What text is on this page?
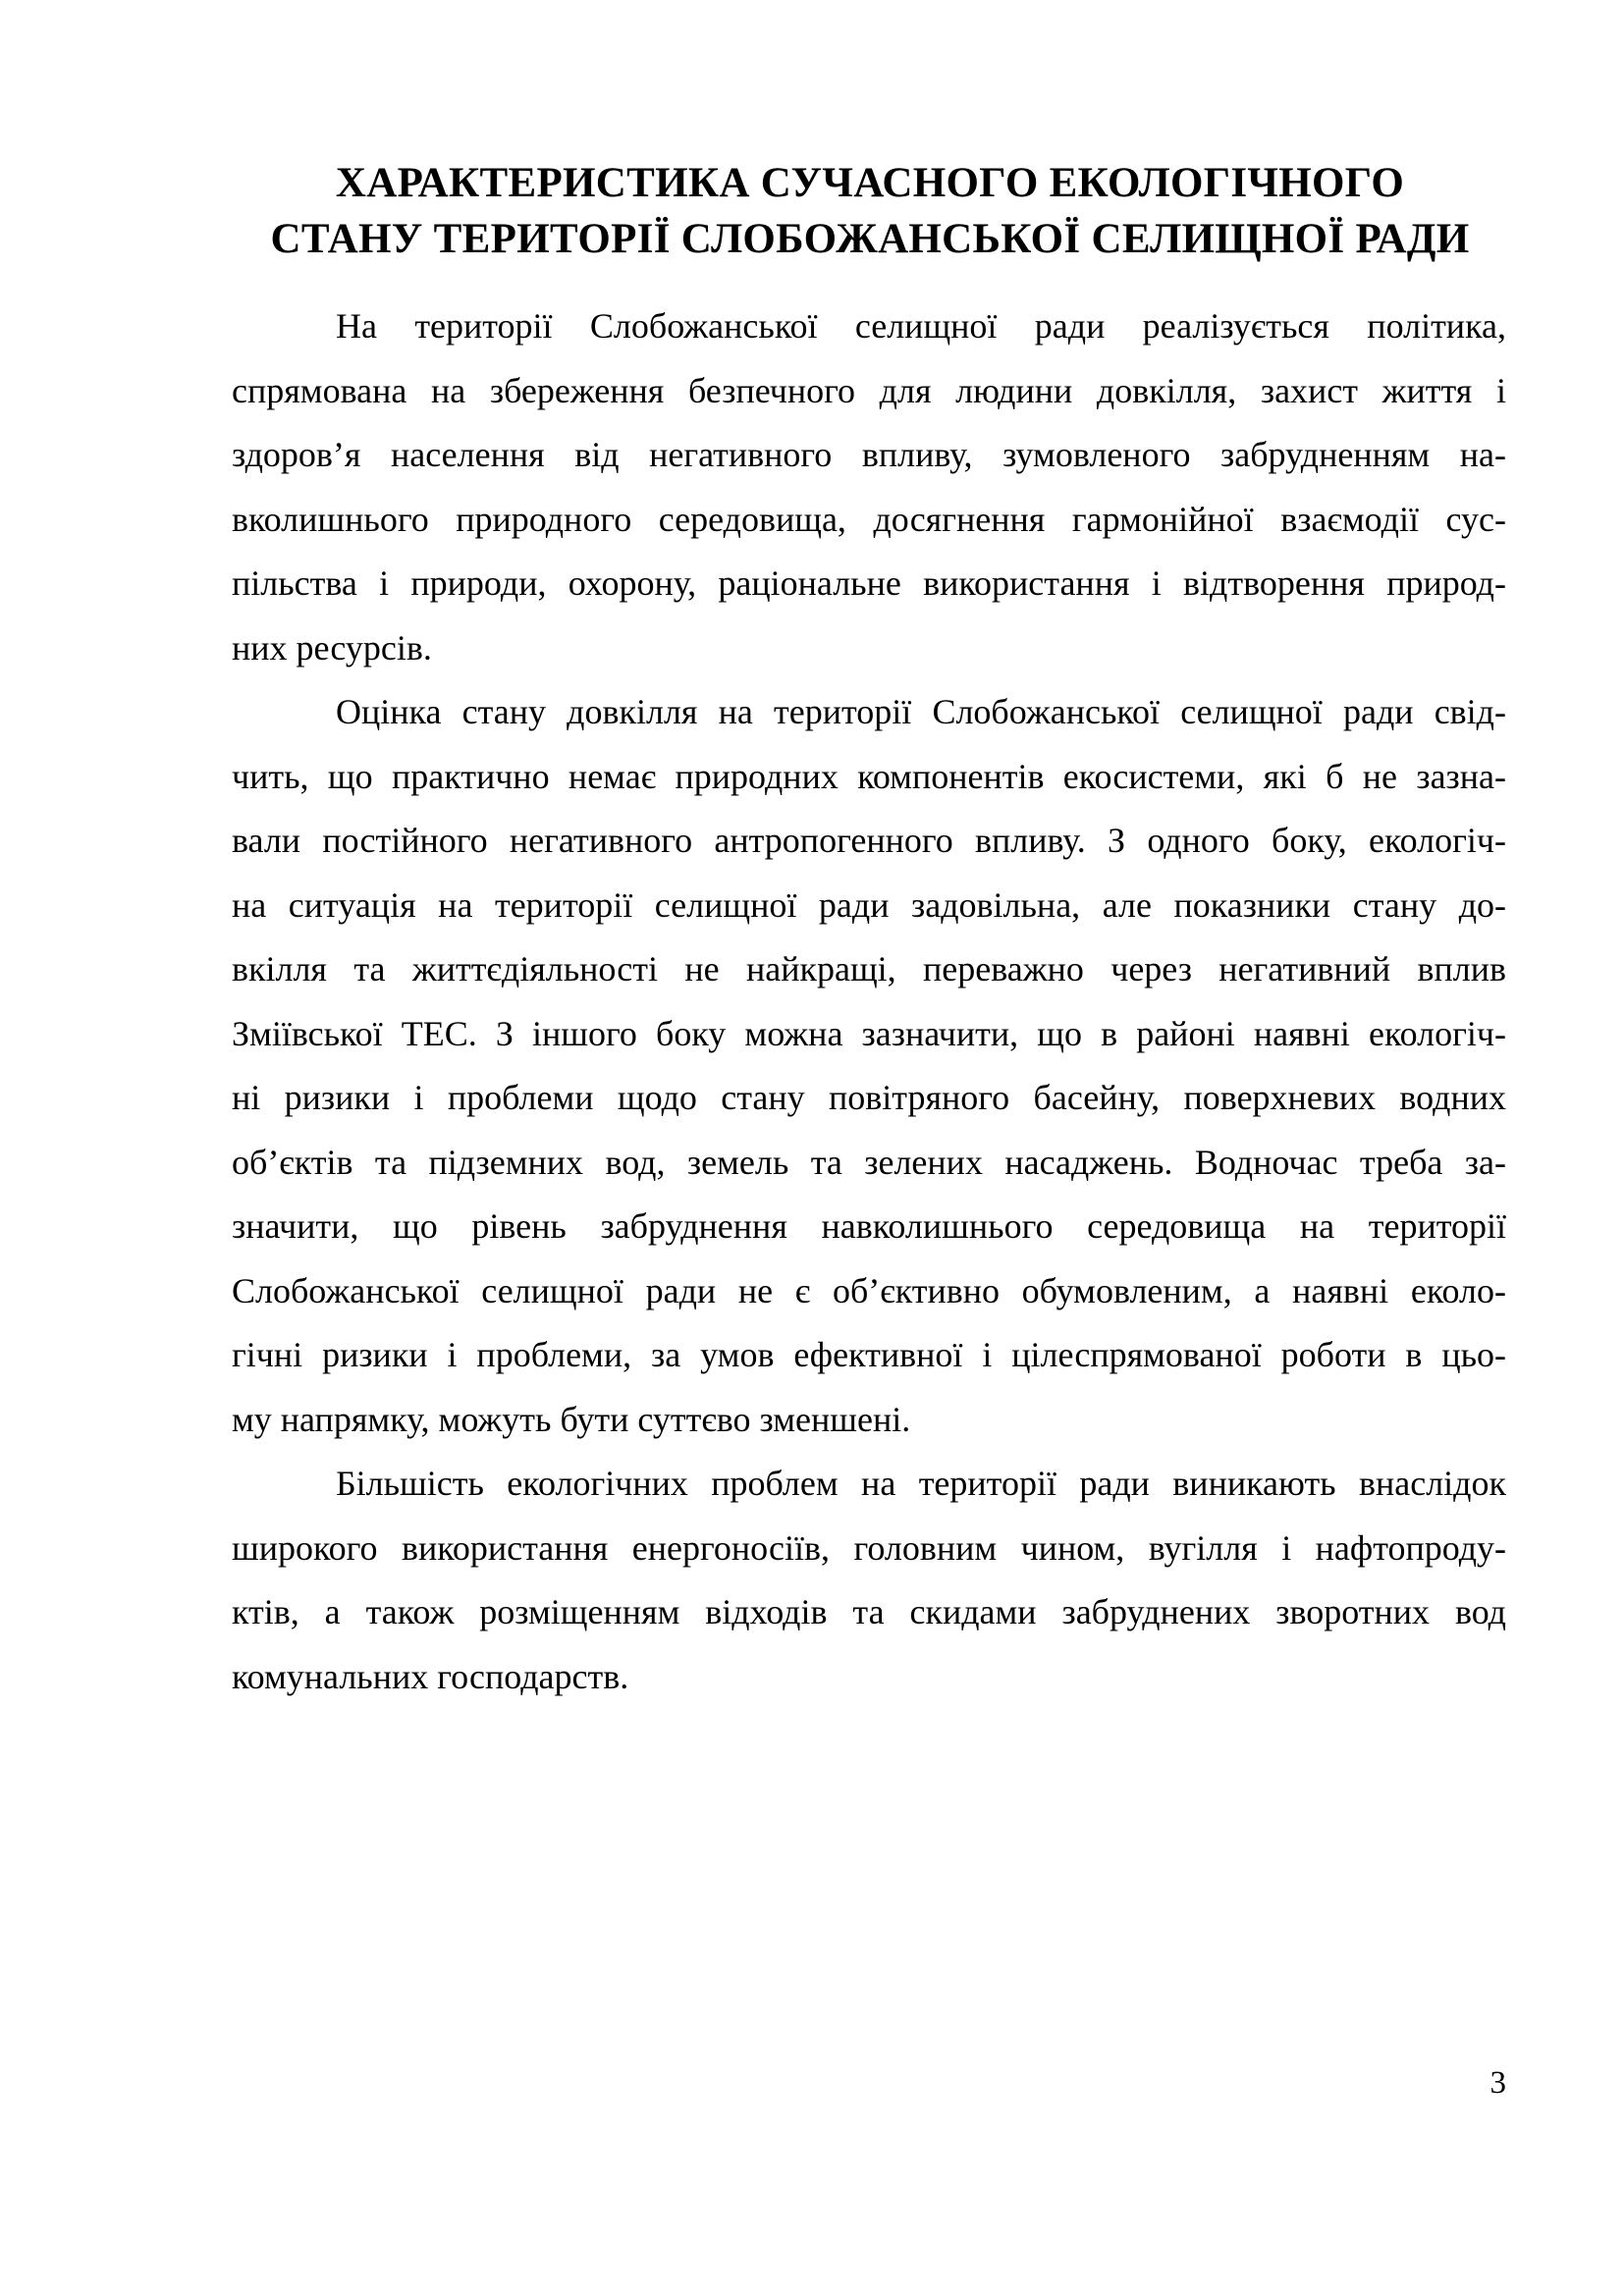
ХАРАКТЕРИСТИКА СУЧАСНОГО ЕКОЛОГІЧНОГО
СТАНУ ТЕРИТОРІЇ СЛОБОЖАНСЬКОЇ СЕЛИЩНОЇ РАДИ
На території Слобожанської селищної ради реалізується політика,
спрямована на збереження безпечного для людини довкілля, захист життя і
здоров’я населення від негативного впливу, зумовленого забрудненням на-
вколишнього природного середовища, досягнення гармонійної взаємодії сус-
пільства і природи, охорону, раціональне використання і відтворення природ-
них ресурсів.
Оцінка стану довкілля на території Слобожанської селищної ради свід-
чить, що практично немає природних компонентів екосистеми, які б не зазна-
вали постійного негативного антропогенного впливу. З одного боку, екологіч-
на ситуація на території селищної ради задовільна, але показники стану до-
вкілля та життєдіяльності не найкращі, переважно через негативний вплив
Зміївської ТЕС. З іншого боку можна зазначити, що в районі наявні екологіч-
ні ризики і проблеми щодо стану повітряного басейну, поверхневих водних
об’єктів та підземних вод, земель та зелених насаджень. Водночас треба за-
значити, що рівень забруднення навколишнього середовища на території
Слобожанської селищної ради не є об’єктивно обумовленим, а наявні еколо-
гічні ризики і проблеми, за умов ефективної і цілеспрямованої роботи в цьо-
му напрямку, можуть бути суттєво зменшені.
Більшість екологічних проблем на території ради виникають внаслідок
широкого використання енергоносіїв, головним чином, вугілля і нафтопроду-
ктів, а також розміщенням відходів та скидами забруднених зворотних вод
комунальних господарств.
3
